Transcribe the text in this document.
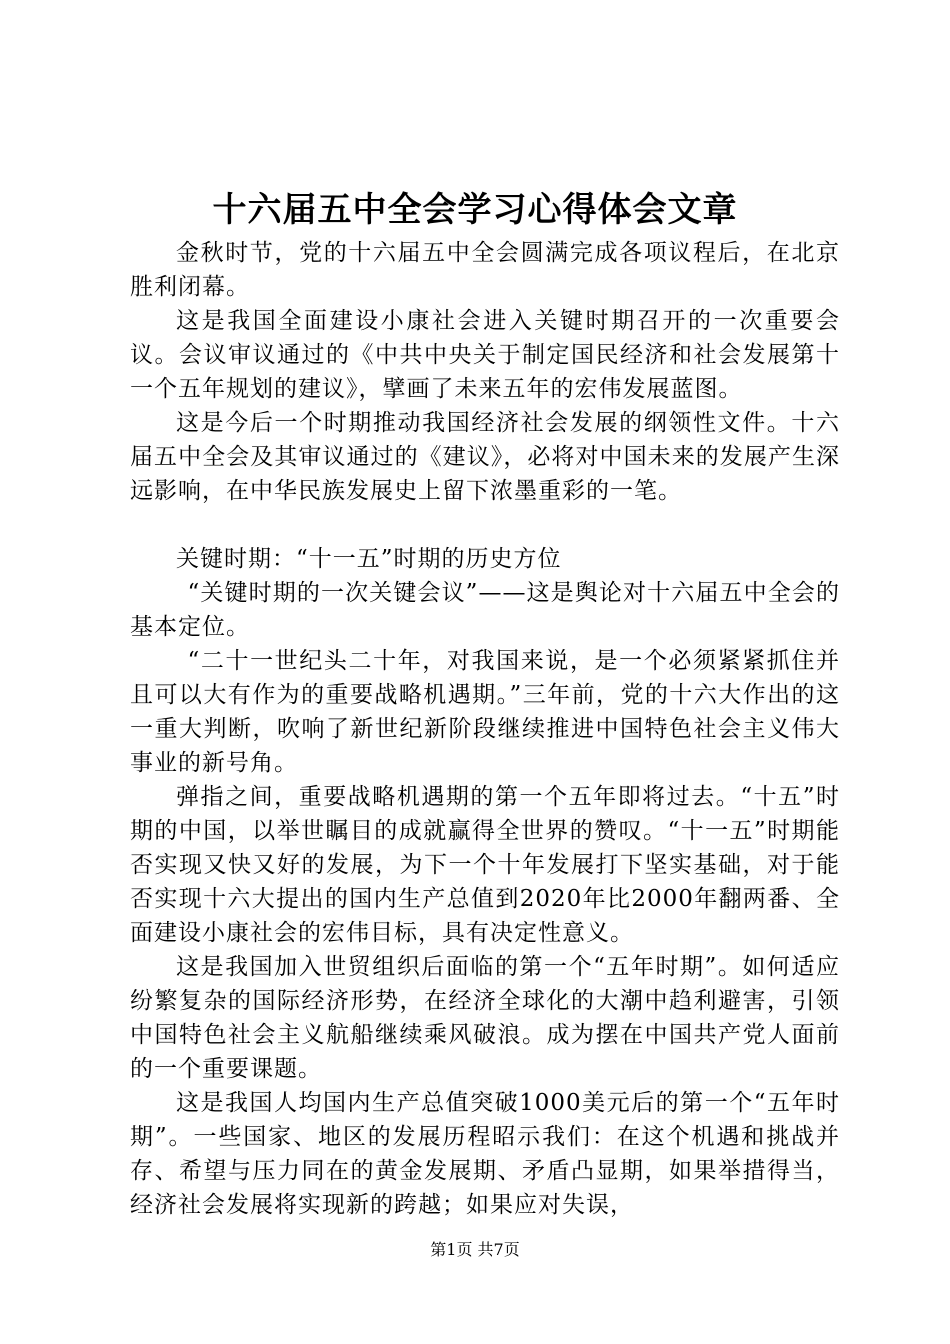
十六届五中全会学习心得体会文章

金秋时节，党的十六届五中全会圆满完成各项议程后，在北京胜利闭幕。

这是我国全面建设小康社会进入关键时期召开的一次重要会议。会议审议通过的《中共中央关于制定国民经济和社会发展第十一个五年规划的建议》，擘画了未来五年的宏伟发展蓝图。

这是今后一个时期推动我国经济社会发展的纲领性文件。十六届五中全会及其审议通过的《建议》，必将对中国未来的发展产生深远影响，在中华民族发展史上留下浓墨重彩的一笔。

关键时期：“十一五”时期的历史方位

“关键时期的一次关键会议”——这是舆论对十六届五中全会的基本定位。

“二十一世纪头二十年，对我国来说，是一个必须紧紧抓住并且可以大有作为的重要战略机遇期。”三年前，党的十六大作出的这一重大判断，吹响了新世纪新阶段继续推进中国特色社会主义伟大事业的新号角。

弹指之间，重要战略机遇期的第一个五年即将过去。“十五”时期的中国，以举世瞩目的成就赢得全世界的赞叹。“十一五”时期能否实现又快又好的发展，为下一个十年发展打下坚实基础，对于能否实现十六大提出的国内生产总值到2020年比2000年翻两番、全面建设小康社会的宏伟目标，具有决定性意义。

这是我国加入世贸组织后面临的第一个“五年时期”。如何适应纷繁复杂的国际经济形势，在经济全球化的大潮中趋利避害，引领中国特色社会主义航船继续乘风破浪。成为摆在中国共产党人面前的一个重要课题。

这是我国人均国内生产总值突破1000美元后的第一个“五年时期”。一些国家、地区的发展历程昭示我们：在这个机遇和挑战并存、希望与压力同在的黄金发展期、矛盾凸显期，如果举措得当，经济社会发展将实现新的跨越；如果应对失误，

第1页 共7页
